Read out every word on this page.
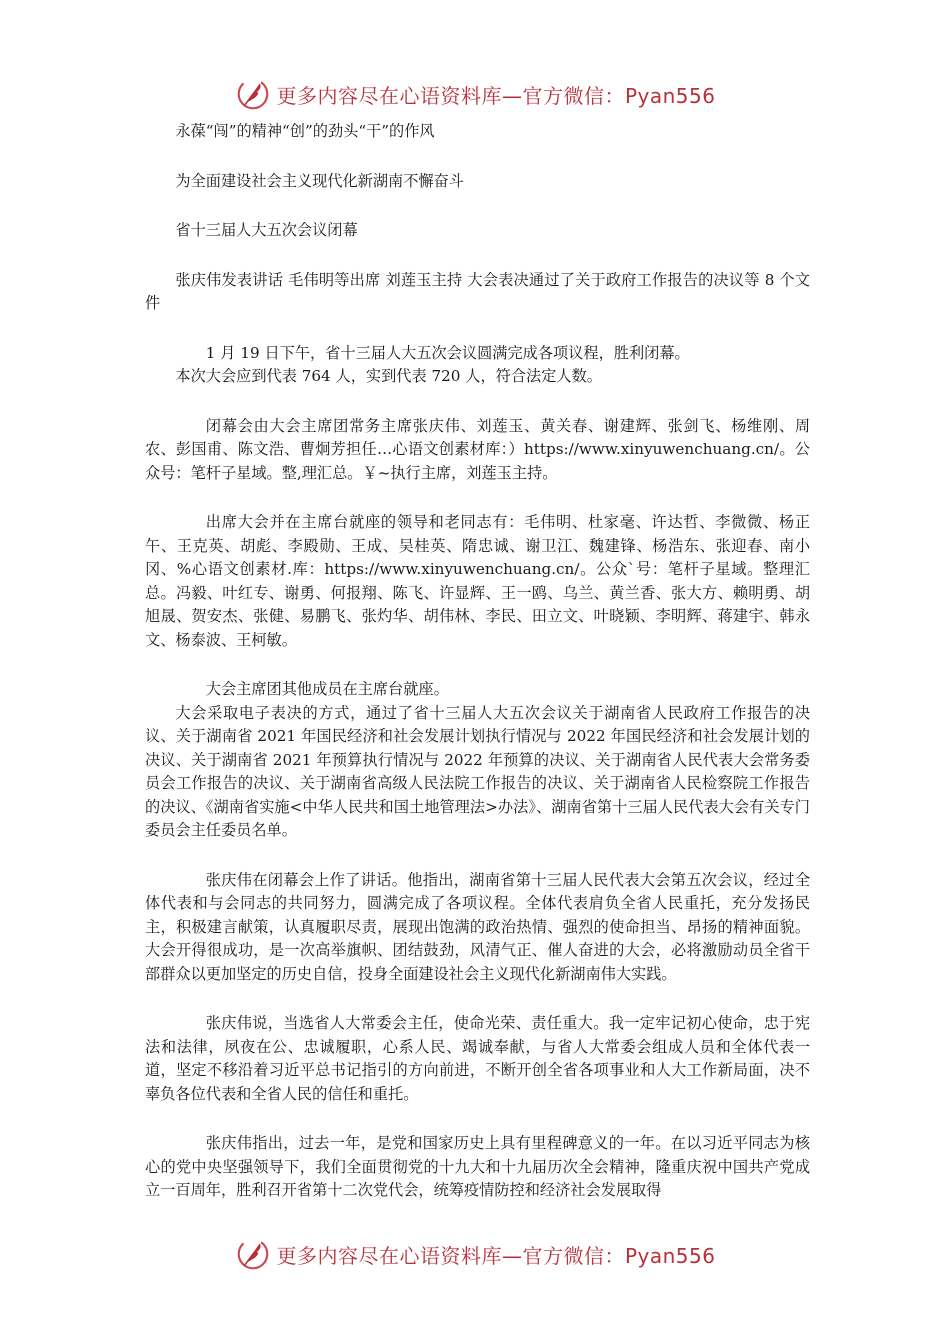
更多内容尽在心语资料库—官方微信：Pyan556

永葆“闯”的精神“创”的劲头“干”的作风

为全面建设社会主义现代化新湖南不懈奋斗

省十三届人大五次会议闭幕

张庆伟发表讲话 毛伟明等出席 刘莲玉主持 大会表决通过了关于政府工作报告的决议等 8 个文件

1 月 19 日下午，省十三届人大五次会议圆满完成各项议程，胜利闭幕。

本次大会应到代表 764 人，实到代表 720 人，符合法定人数。

闭幕会由大会主席团常务主席张庆伟、刘莲玉、黄关春、谢建辉、张剑飞、杨维刚、周农、彭国甫、陈文浩、曹炯芳担任…心语文创素材库：）https://www.xinyuwenchuang.cn/。公众号：笔杆子星域。整,理汇总。￥~执行主席，刘莲玉主持。

出席大会并在主席台就座的领导和老同志有：毛伟明、杜家毫、许达哲、李微微、杨正午、王克英、胡彪、李殿勋、王成、吴桂英、隋忠诚、谢卫江、魏建锋、杨浩东、张迎春、南小冈、%心语文创素材.库：https://www.xinyuwenchuang.cn/。公众`号：笔杆子星域。整理汇总。冯毅、叶红专、谢勇、何报翔、陈飞、许显辉、王一鸥、乌兰、黄兰香、张大方、赖明勇、胡旭晟、贺安杰、张健、易鹏飞、张灼华、胡伟林、李民、田立文、叶晓颖、李明辉、蒋建宇、韩永文、杨泰波、王柯敏。

大会主席团其他成员在主席台就座。

大会采取电子表决的方式，通过了省十三届人大五次会议关于湖南省人民政府工作报告的决议、关于湖南省 2021 年国民经济和社会发展计划执行情况与 2022 年国民经济和社会发展计划的决议、关于湖南省 2021 年预算执行情况与 2022 年预算的决议、关于湖南省人民代表大会常务委员会工作报告的决议、关于湖南省高级人民法院工作报告的决议、关于湖南省人民检察院工作报告的决议、《湖南省实施<中华人民共和国土地管理法>办法》、湖南省第十三届人民代表大会有关专门委员会主任委员名单。

张庆伟在闭幕会上作了讲话。他指出，湖南省第十三届人民代表大会第五次会议，经过全体代表和与会同志的共同努力，圆满完成了各项议程。全体代表肩负全省人民重托，充分发扬民主，积极建言献策，认真履职尽责，展现出饱满的政治热情、强烈的使命担当、昂扬的精神面貌。大会开得很成功，是一次高举旗帜、团结鼓劲，风清气正、催人奋进的大会，必将激励动员全省干部群众以更加坚定的历史自信，投身全面建设社会主义现代化新湖南伟大实践。

张庆伟说，当选省人大常委会主任，使命光荣、责任重大。我一定牢记初心使命，忠于宪法和法律，夙夜在公、忠诚履职，心系人民、竭诚奉献，与省人大常委会组成人员和全体代表一道，坚定不移沿着习近平总书记指引的方向前进，不断开创全省各项事业和人大工作新局面，决不辜负各位代表和全省人民的信任和重托。

张庆伟指出，过去一年，是党和国家历史上具有里程碑意义的一年。在以习近平同志为核心的党中央坚强领导下，我们全面贯彻党的十九大和十九届历次全会精神，隆重庆祝中国共产党成立一百周年，胜利召开省第十二次党代会，统筹疫情防控和经济社会发展取得

更多内容尽在心语资料库—官方微信：Pyan556
